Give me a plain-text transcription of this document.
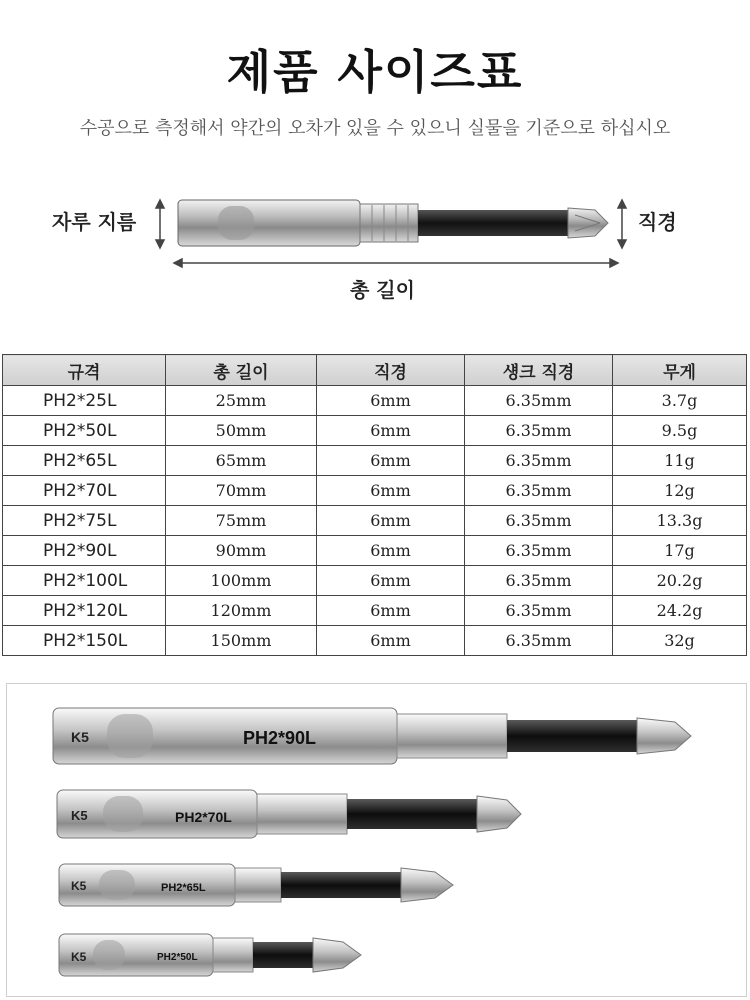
제품 사이즈표
수공으로 측정해서 약간의 오차가 있을 수 있으니 실물을 기준으로 하십시오
자루 지름	직경
총 길이
규격	총 길이	직경	섕크 직경	무게
PH2*25L	25mm	6mm	6.35mm	3.7g
PH2*50L	50mm	6mm	6.35mm	9.5g
PH2*65L	65mm	6mm	6.35mm	11g
PH2*70L	70mm	6mm	6.35mm	12g
PH2*75L	75mm	6mm	6.35mm	13.3g
PH2*90L	90mm	6mm	6.35mm	17g
PH2*100L	100mm	6mm	6.35mm	20.2g
PH2*120L	120mm	6mm	6.35mm	24.2g
PH2*150L	150mm	6mm	6.35mm	32g
K5	PH2*90L
K5	PH2*70L
K5	PH2*65L
K5	PH2*50L
